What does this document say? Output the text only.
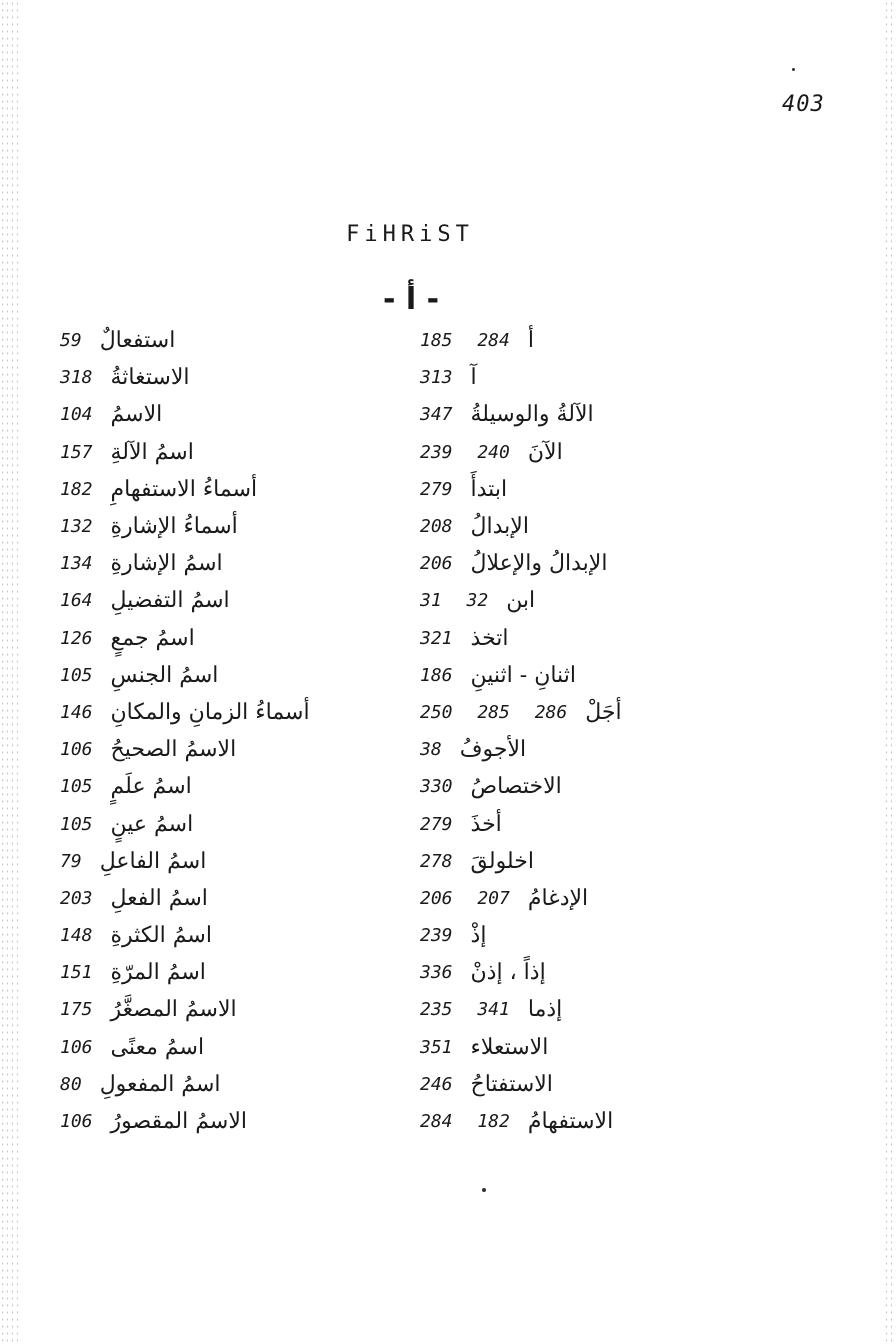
403
FiHRiST
- أ -
أ
185 284
آ
313
الآلةُ والوسيلةُ
347
الآنَ
239 240
ابتدأَ
279
الإبدالُ
208
الإبدالُ والإعلالُ
206
ابن
31 32
اتخذ
321
اثنانِ - اثنينِ
186
أجَلْ
250 285 286
الأجوفُ
38
الاختصاصُ
330
أخذَ
279
اخلولقَ
278
الإدغامُ
206 207
إذْ
239
إذاً ، إذنْ
336
إذما
235 341
الاستعلاء
351
الاستفتاحُ
246
الاستفهامُ
284 182
استفعالٌ
59
الاستغاثةُ
318
الاسمُ
104
اسمُ الآلةِ
157
أسماءُ الاستفهامِ
182
أسماءُ الإشارةِ
132
اسمُ الإشارةِ
134
اسمُ التفضيلِ
164
اسمُ جمعٍ
126
اسمُ الجنسِ
105
أسماءُ الزمانِ والمكانِ
146
الاسمُ الصحيحُ
106
اسمُ علَمٍ
105
اسمُ عينٍ
105
اسمُ الفاعلِ
79
اسمُ الفعلِ
203
اسمُ الكثرةِ
148
اسمُ المرّةِ
151
الاسمُ المصغَّرُ
175
اسمُ معنًى
106
اسمُ المفعولِ
80
الاسمُ المقصورُ
106
